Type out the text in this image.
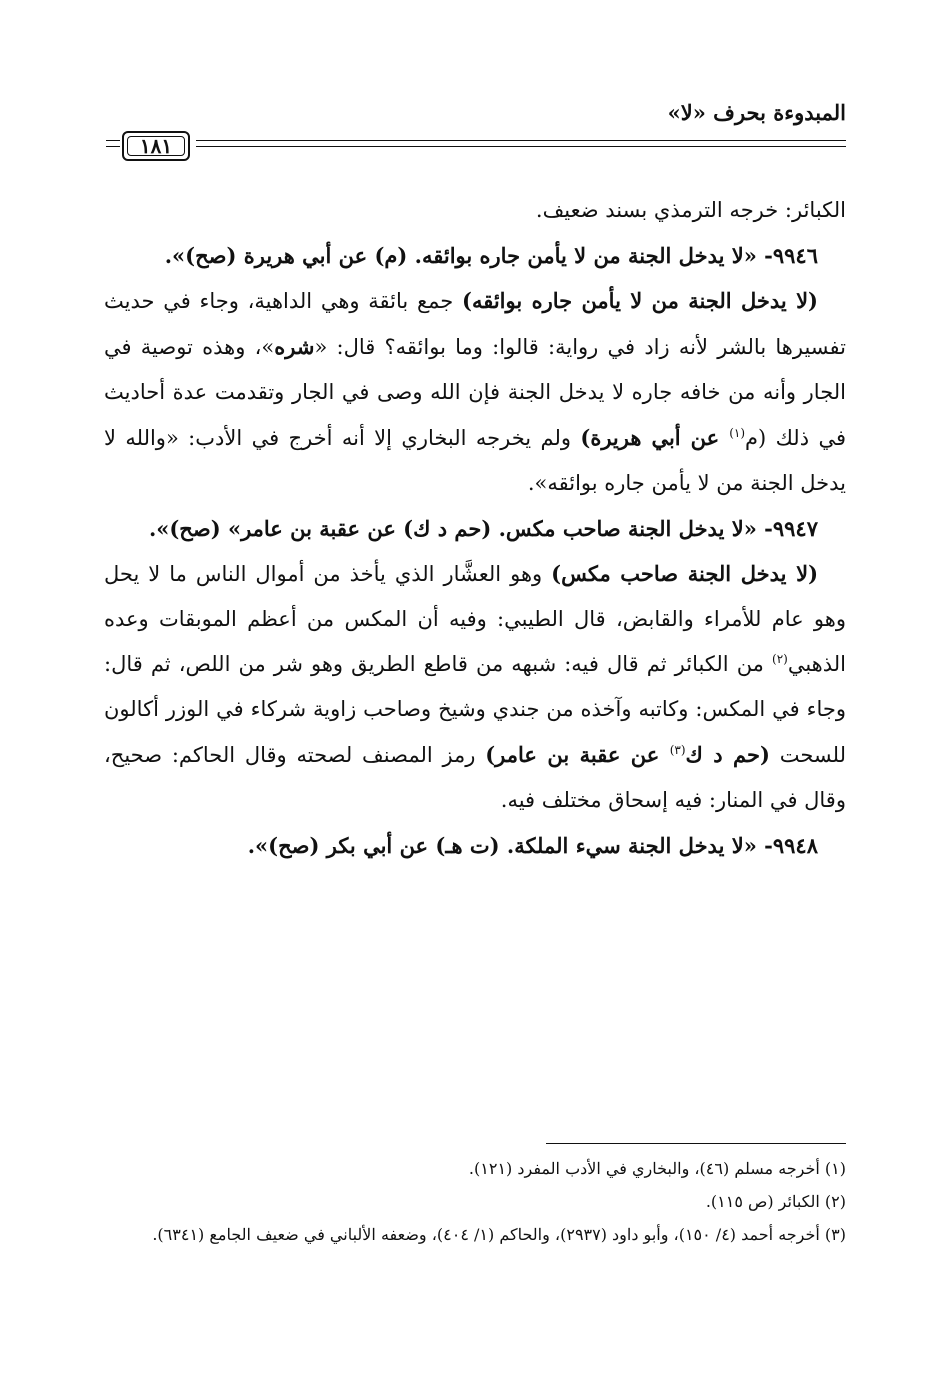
المبدوءة بحرف «لا»
١٨١

الكبائر: خرجه الترمذي بسند ضعيف.

٩٩٤٦- «لا يدخل الجنة من لا يأمن جاره بوائقه. (م) عن أبي هريرة (صح)».

(لا يدخل الجنة من لا يأمن جاره بوائقه) جمع بائقة وهي الداهية، وجاء في حديث تفسيرها بالشر لأنه زاد في رواية: قالوا: وما بوائقه؟ قال: «شره»، وهذه توصية في الجار وأنه من خافه جاره لا يدخل الجنة فإن الله وصى في الجار وتقدمت عدة أحاديث في ذلك (م$^{(١)}$ عن أبي هريرة) ولم يخرجه البخاري إلا أنه أخرج في الأدب: «والله لا يدخل الجنة من لا يأمن جاره بوائقه».

٩٩٤٧- «لا يدخل الجنة صاحب مكس. (حم د ك) عن عقبة بن عامر» (صح)».

(لا يدخل الجنة صاحب مكس) وهو العشَّار الذي يأخذ من أموال الناس ما لا يحل وهو عام للأمراء والقابض، قال الطيبي: وفيه أن المكس من أعظم الموبقات وعده الذهبي$^{(٢)}$ من الكبائر ثم قال فيه: شبهه من قاطع الطريق وهو شر من اللص، ثم قال: وجاء في المكس: وكاتبه وآخذه من جندي وشيخ وصاحب زاوية شركاء في الوزر أكالون للسحت (حم د ك$^{(٣)}$ عن عقبة بن عامر) رمز المصنف لصحته وقال الحاكم: صحيح، وقال في المنار: فيه إسحاق مختلف فيه.

٩٩٤٨- «لا يدخل الجنة سيء الملكة. (ت هـ) عن أبي بكر (صح)».

(١) أخرجه مسلم (٤٦)، والبخاري في الأدب المفرد (١٢١).

(٢) الكبائر (ص ١١٥).

(٣) أخرجه أحمد (٤/ ١٥٠)، وأبو داود (٢٩٣٧)، والحاكم (١/ ٤٠٤)، وضعفه الألباني في ضعيف الجامع (٦٣٤١).
